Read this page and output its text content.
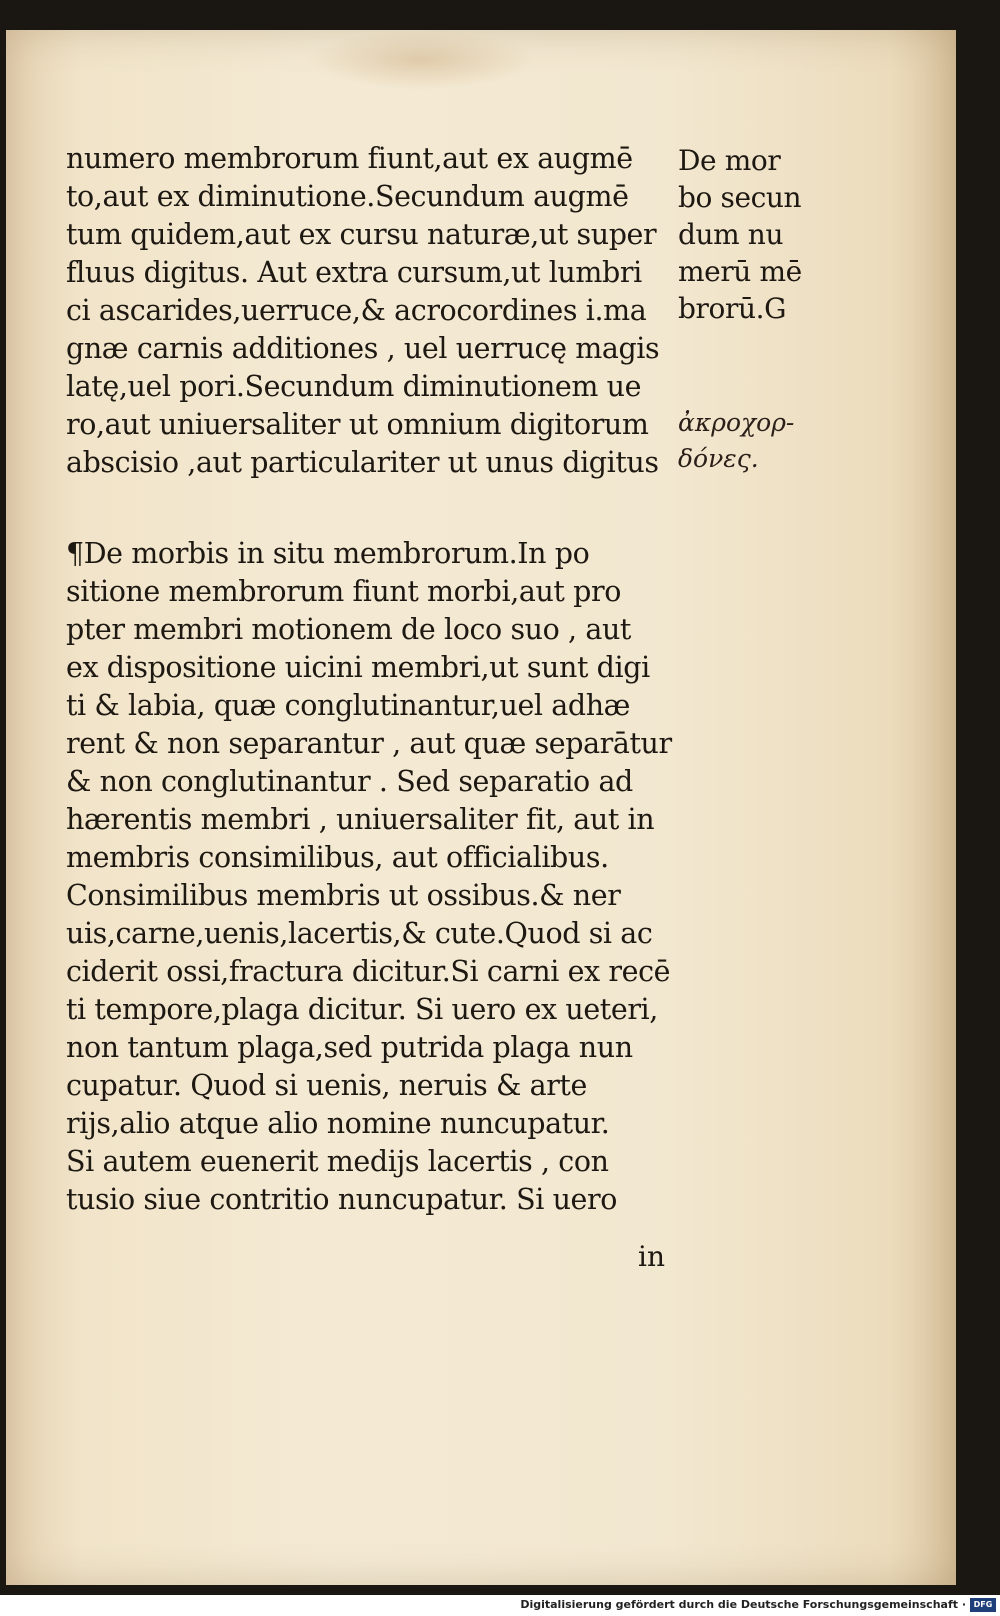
numero membrorum fiunt,aut ex augmē
to,aut ex diminutione.Secundum augmē
tum quidem,aut ex cursu naturæ,ut super
fluus digitus. Aut extra cursum,ut lumbri
ci ascarides,uerruce,& acrocordines i.ma
gnæ carnis additiones , uel uerrucę magis
latę,uel pori.Secundum diminutionem ue
ro,aut uniuersaliter ut omnium digitorum
abscisio ,aut particulariter ut unus digitus
De mor
bo secun
dum nu
merū mē
brorū.G
ἀκροχορ-
δόνες.
¶De morbis in situ membrorum.In po
sitione membrorum fiunt morbi,aut pro
pter membri motionem de loco suo , aut
ex dispositione uicini membri,ut sunt digi
ti & labia, quæ conglutinantur,uel adhæ
rent & non separantur , aut quæ separātur
& non conglutinantur . Sed separatio ad
hærentis membri , uniuersaliter fit, aut in
membris consimilibus, aut officialibus.
Consimilibus membris ut ossibus.& ner
uis,carne,uenis,lacertis,& cute.Quod si ac
ciderit ossi,fractura dicitur.Si carni ex recē
ti tempore,plaga dicitur. Si uero ex ueteri,
non tantum plaga,sed putrida plaga nun
cupatur. Quod si uenis, neruis & arte
rijs,alio atque alio nomine nuncupatur.
Si autem euenerit medijs lacertis , con
tusio siue contritio nuncupatur. Si uero
in
Digitalisierung gefördert durch die Deutsche Forschungsgemeinschaft · DFG
